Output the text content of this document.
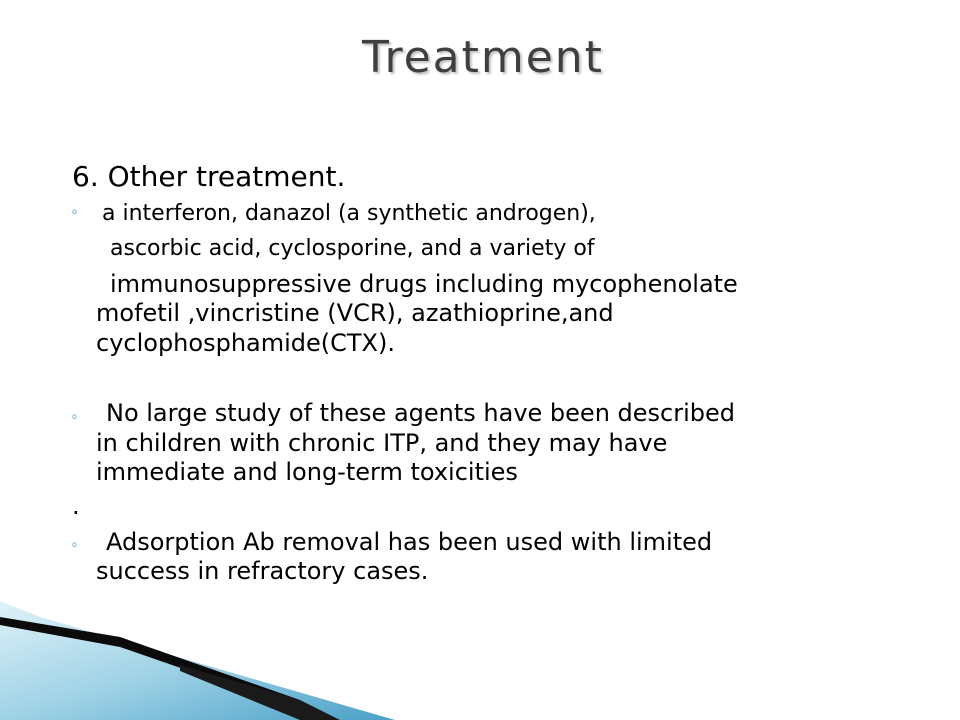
Treatment
6. Other treatment.
o a interferon, danazol (a synthetic androgen),
ascorbic acid, cyclosporine, and a variety of
immunosuppressive drugs including mycophenolate
mofetil ,vincristine (VCR), azathioprine,and
cyclophosphamide(CTX).
o No large study of these agents have been described
in children with chronic ITP, and they may have
immediate and long-term toxicities
.
o Adsorption Ab removal has been used with limited
success in refractory cases.
